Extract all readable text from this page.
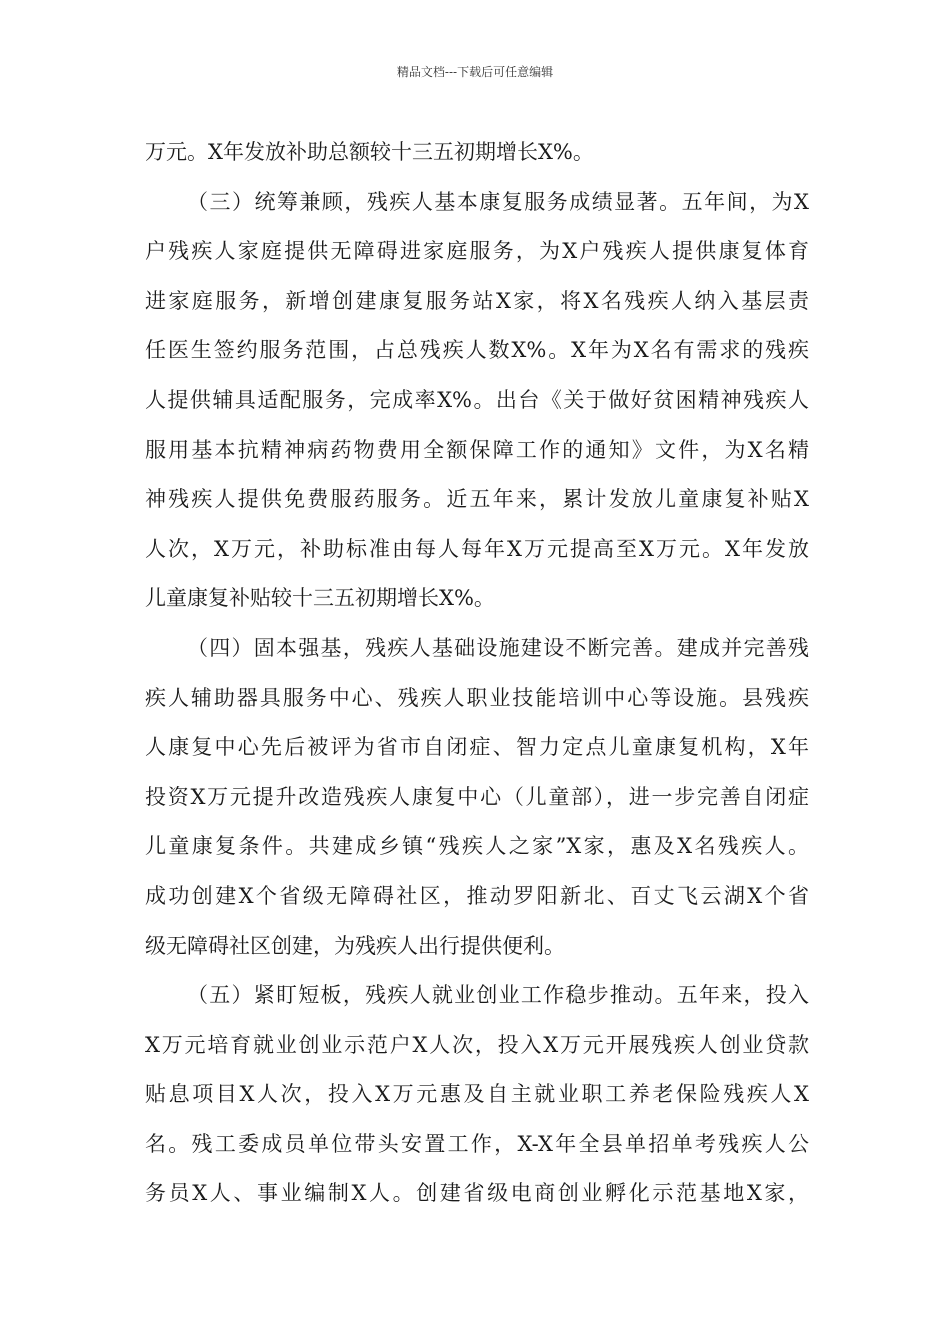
精品文档---下载后可任意编辑
万元。X年发放补助总额较十三五初期增长X%。
（三）统筹兼顾，残疾人基本康复服务成绩显著。五年间，为X
户残疾人家庭提供无障碍进家庭服务，为X户残疾人提供康复体育
进家庭服务，新增创建康复服务站X家，将X名残疾人纳入基层责
任医生签约服务范围，占总残疾人数X%。X年为X名有需求的残疾
人提供辅具适配服务，完成率X%。出台《关于做好贫困精神残疾人
服用基本抗精神病药物费用全额保障工作的通知》文件，为X名精
神残疾人提供免费服药服务。近五年来，累计发放儿童康复补贴X
人次，X万元，补助标准由每人每年X万元提高至X万元。X年发放
儿童康复补贴较十三五初期增长X%。
（四）固本强基，残疾人基础设施建设不断完善。建成并完善残
疾人辅助器具服务中心、残疾人职业技能培训中心等设施。县残疾
人康复中心先后被评为省市自闭症、智力定点儿童康复机构，X年
投资X万元提升改造残疾人康复中心（儿童部），进一步完善自闭症
儿童康复条件。共建成乡镇“残疾人之家”X家，惠及X名残疾人。
成功创建X个省级无障碍社区，推动罗阳新北、百丈飞云湖X个省
级无障碍社区创建，为残疾人出行提供便利。
（五）紧盯短板，残疾人就业创业工作稳步推动。五年来，投入
X万元培育就业创业示范户X人次，投入X万元开展残疾人创业贷款
贴息项目X人次，投入X万元惠及自主就业职工养老保险残疾人X
名。残工委成员单位带头安置工作，X-X年全县单招单考残疾人公
务员X人、事业编制X人。创建省级电商创业孵化示范基地X家，
